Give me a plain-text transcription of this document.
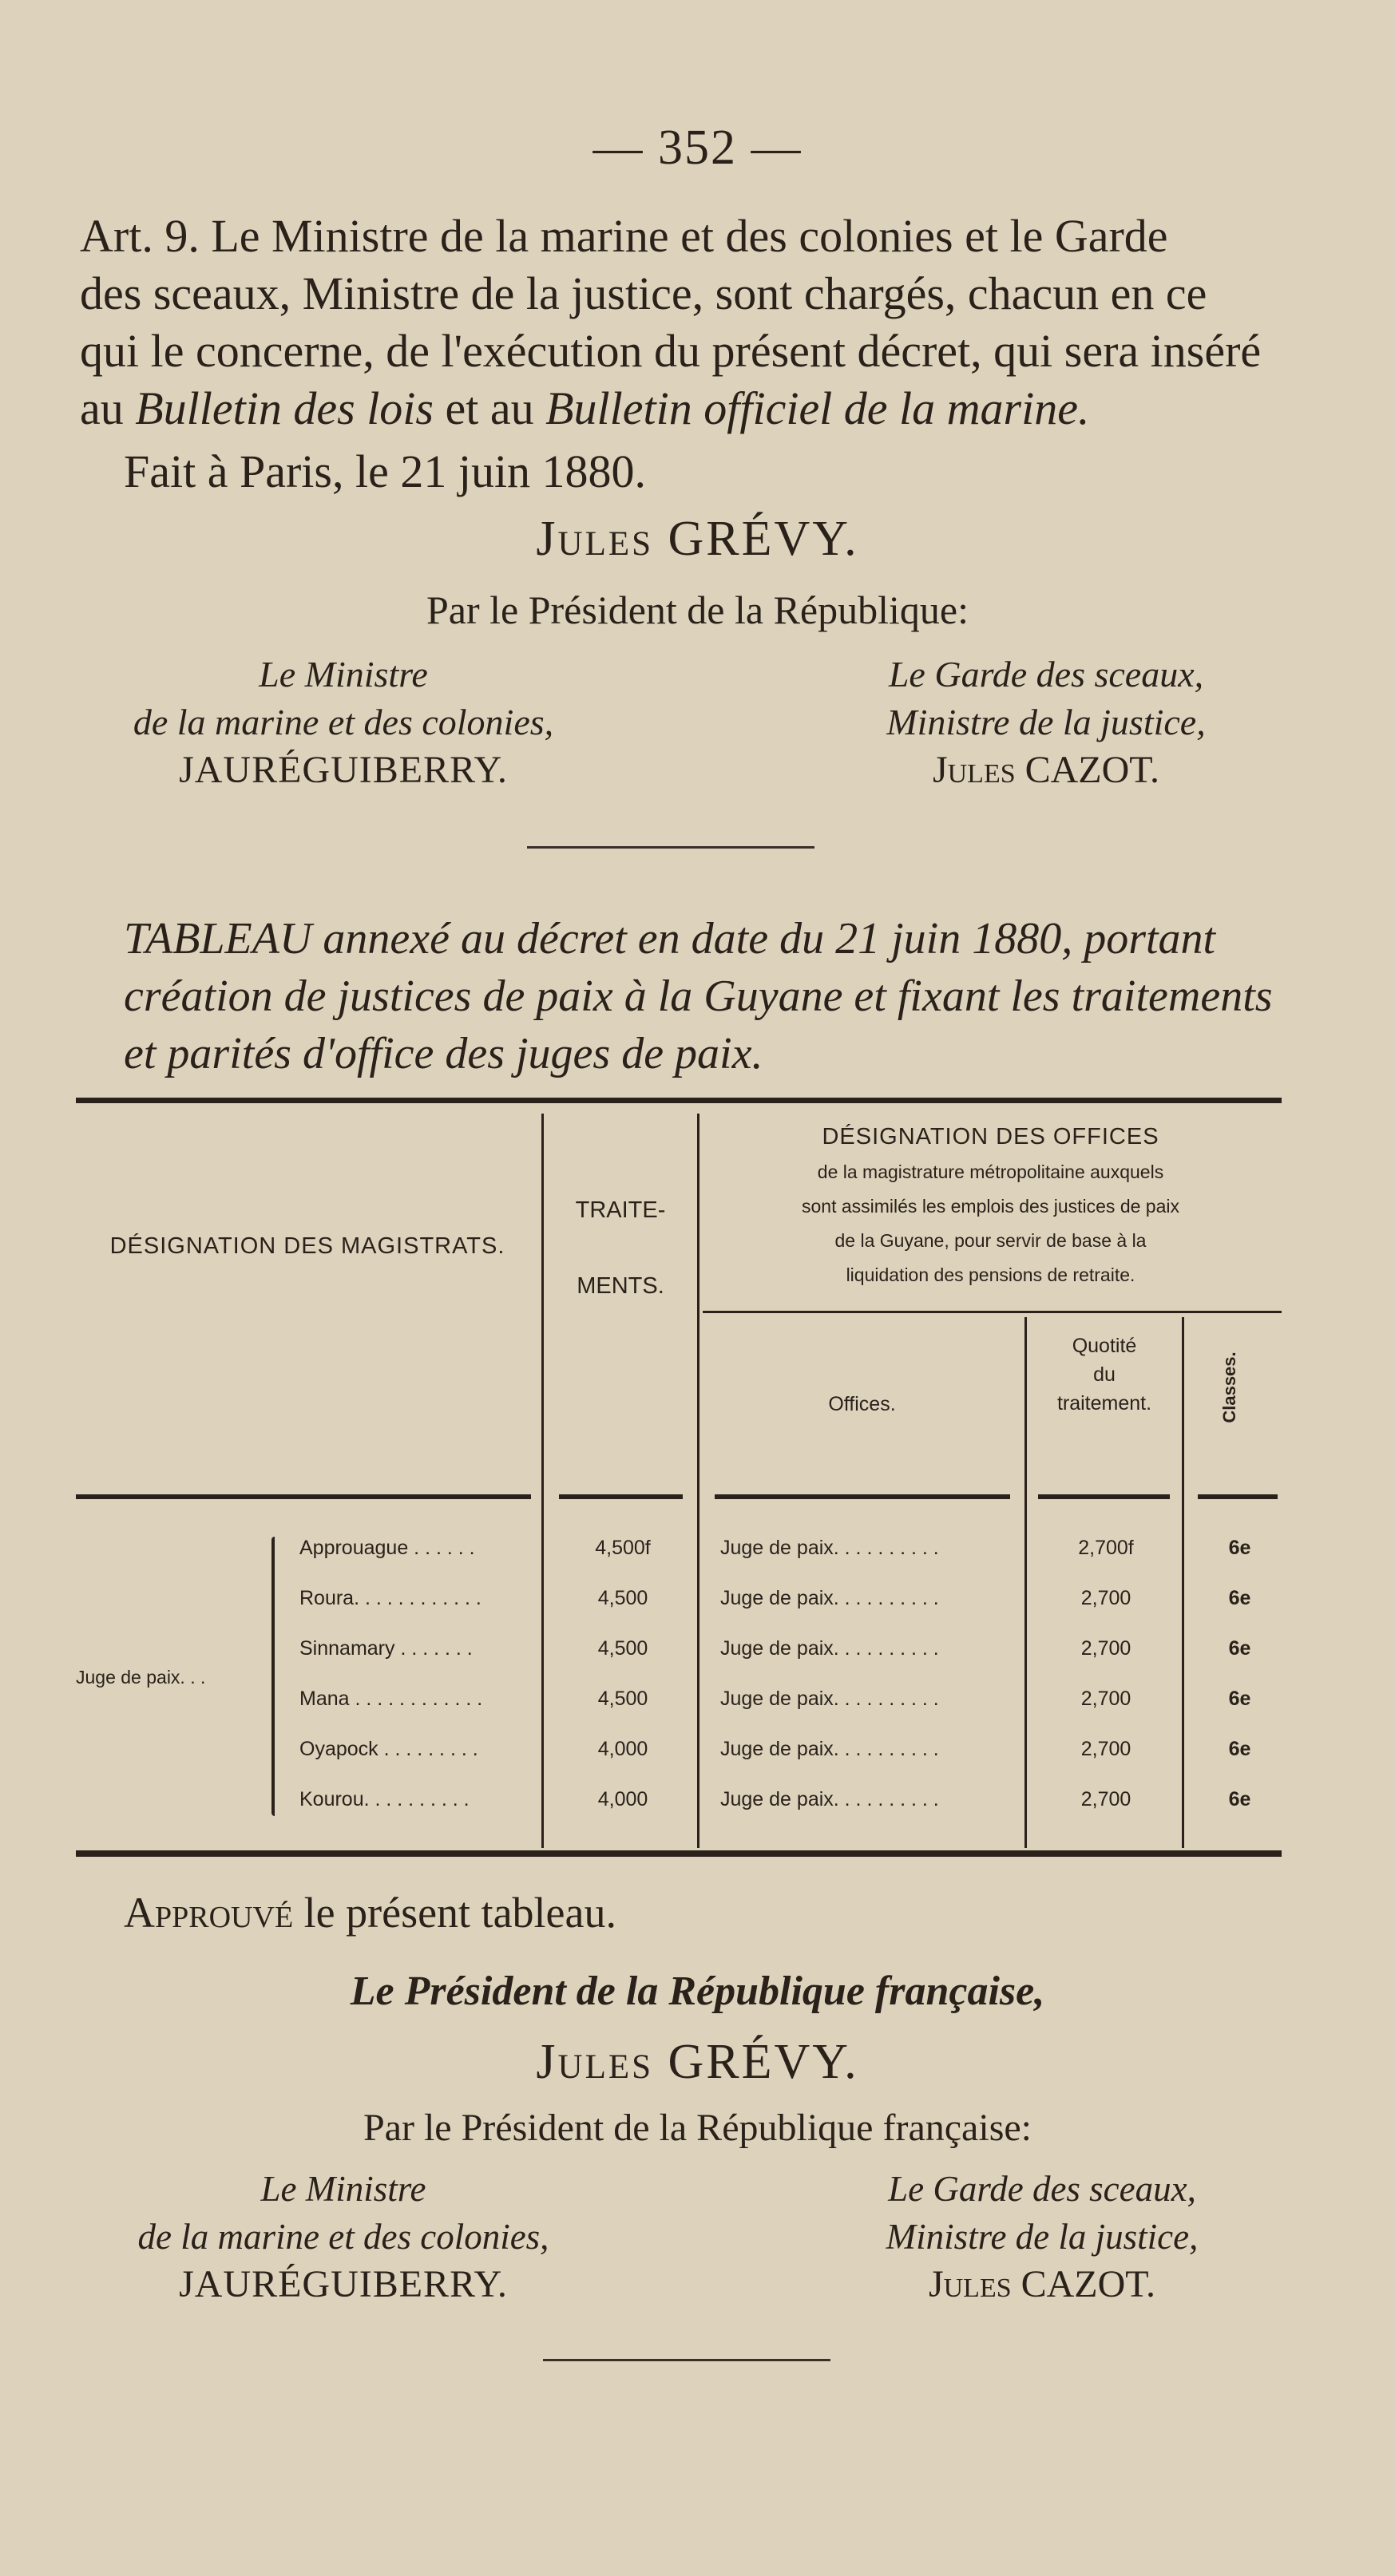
— 352 —
Art. 9. Le Ministre de la marine et des colonies et le Garde
des sceaux, Ministre de la justice, sont chargés, chacun en ce
qui le concerne, de l'exécution du présent décret, qui sera inséré
au Bulletin des lois et au Bulletin officiel de la marine.
Fait à Paris, le 21 juin 1880.
Jules GRÉVY.
Par le Président de la République:
Le Ministre
de la marine et des colonies,
JAURÉGUIBERRY.
Le Garde des sceaux,
Ministre de la justice,
Jules CAZOT.
TABLEAU annexé au décret en date du 21 juin 1880, portant
création de justices de paix à la Guyane et fixant les traitements
et parités d'office des juges de paix.
DÉSIGNATION DES MAGISTRATS.
TRAITE-
MENTS.
DÉSIGNATION DES OFFICES
de la magistrature métropolitaine auxquels
sont assimilés les emplois des justices de paix
de la Guyane, pour servir de base à la
liquidation des pensions de retraite.
Offices.
Quotité
du
traitement.	Classes.
Juge de paix. . .
Approuague . . . . . .	4,500f	Juge de paix. . . . . . . . . .	2,700f	6e
Roura. . . . . . . . . . . .	4,500	Juge de paix. . . . . . . . . .	2,700	6e
Sinnamary . . . . . . .	4,500	Juge de paix. . . . . . . . . .	2,700	6e
Mana . . . . . . . . . . . .	4,500	Juge de paix. . . . . . . . . .	2,700	6e
Oyapock . . . . . . . . .	4,000	Juge de paix. . . . . . . . . .	2,700	6e
Kourou. . . . . . . . . .	4,000	Juge de paix. . . . . . . . . .	2,700	6e
Approuvé le présent tableau.
Le Président de la République française,
Jules GRÉVY.
Par le Président de la République française:
Le Ministre
de la marine et des colonies,
JAURÉGUIBERRY.
Le Garde des sceaux,
Ministre de la justice,
Jules CAZOT.
